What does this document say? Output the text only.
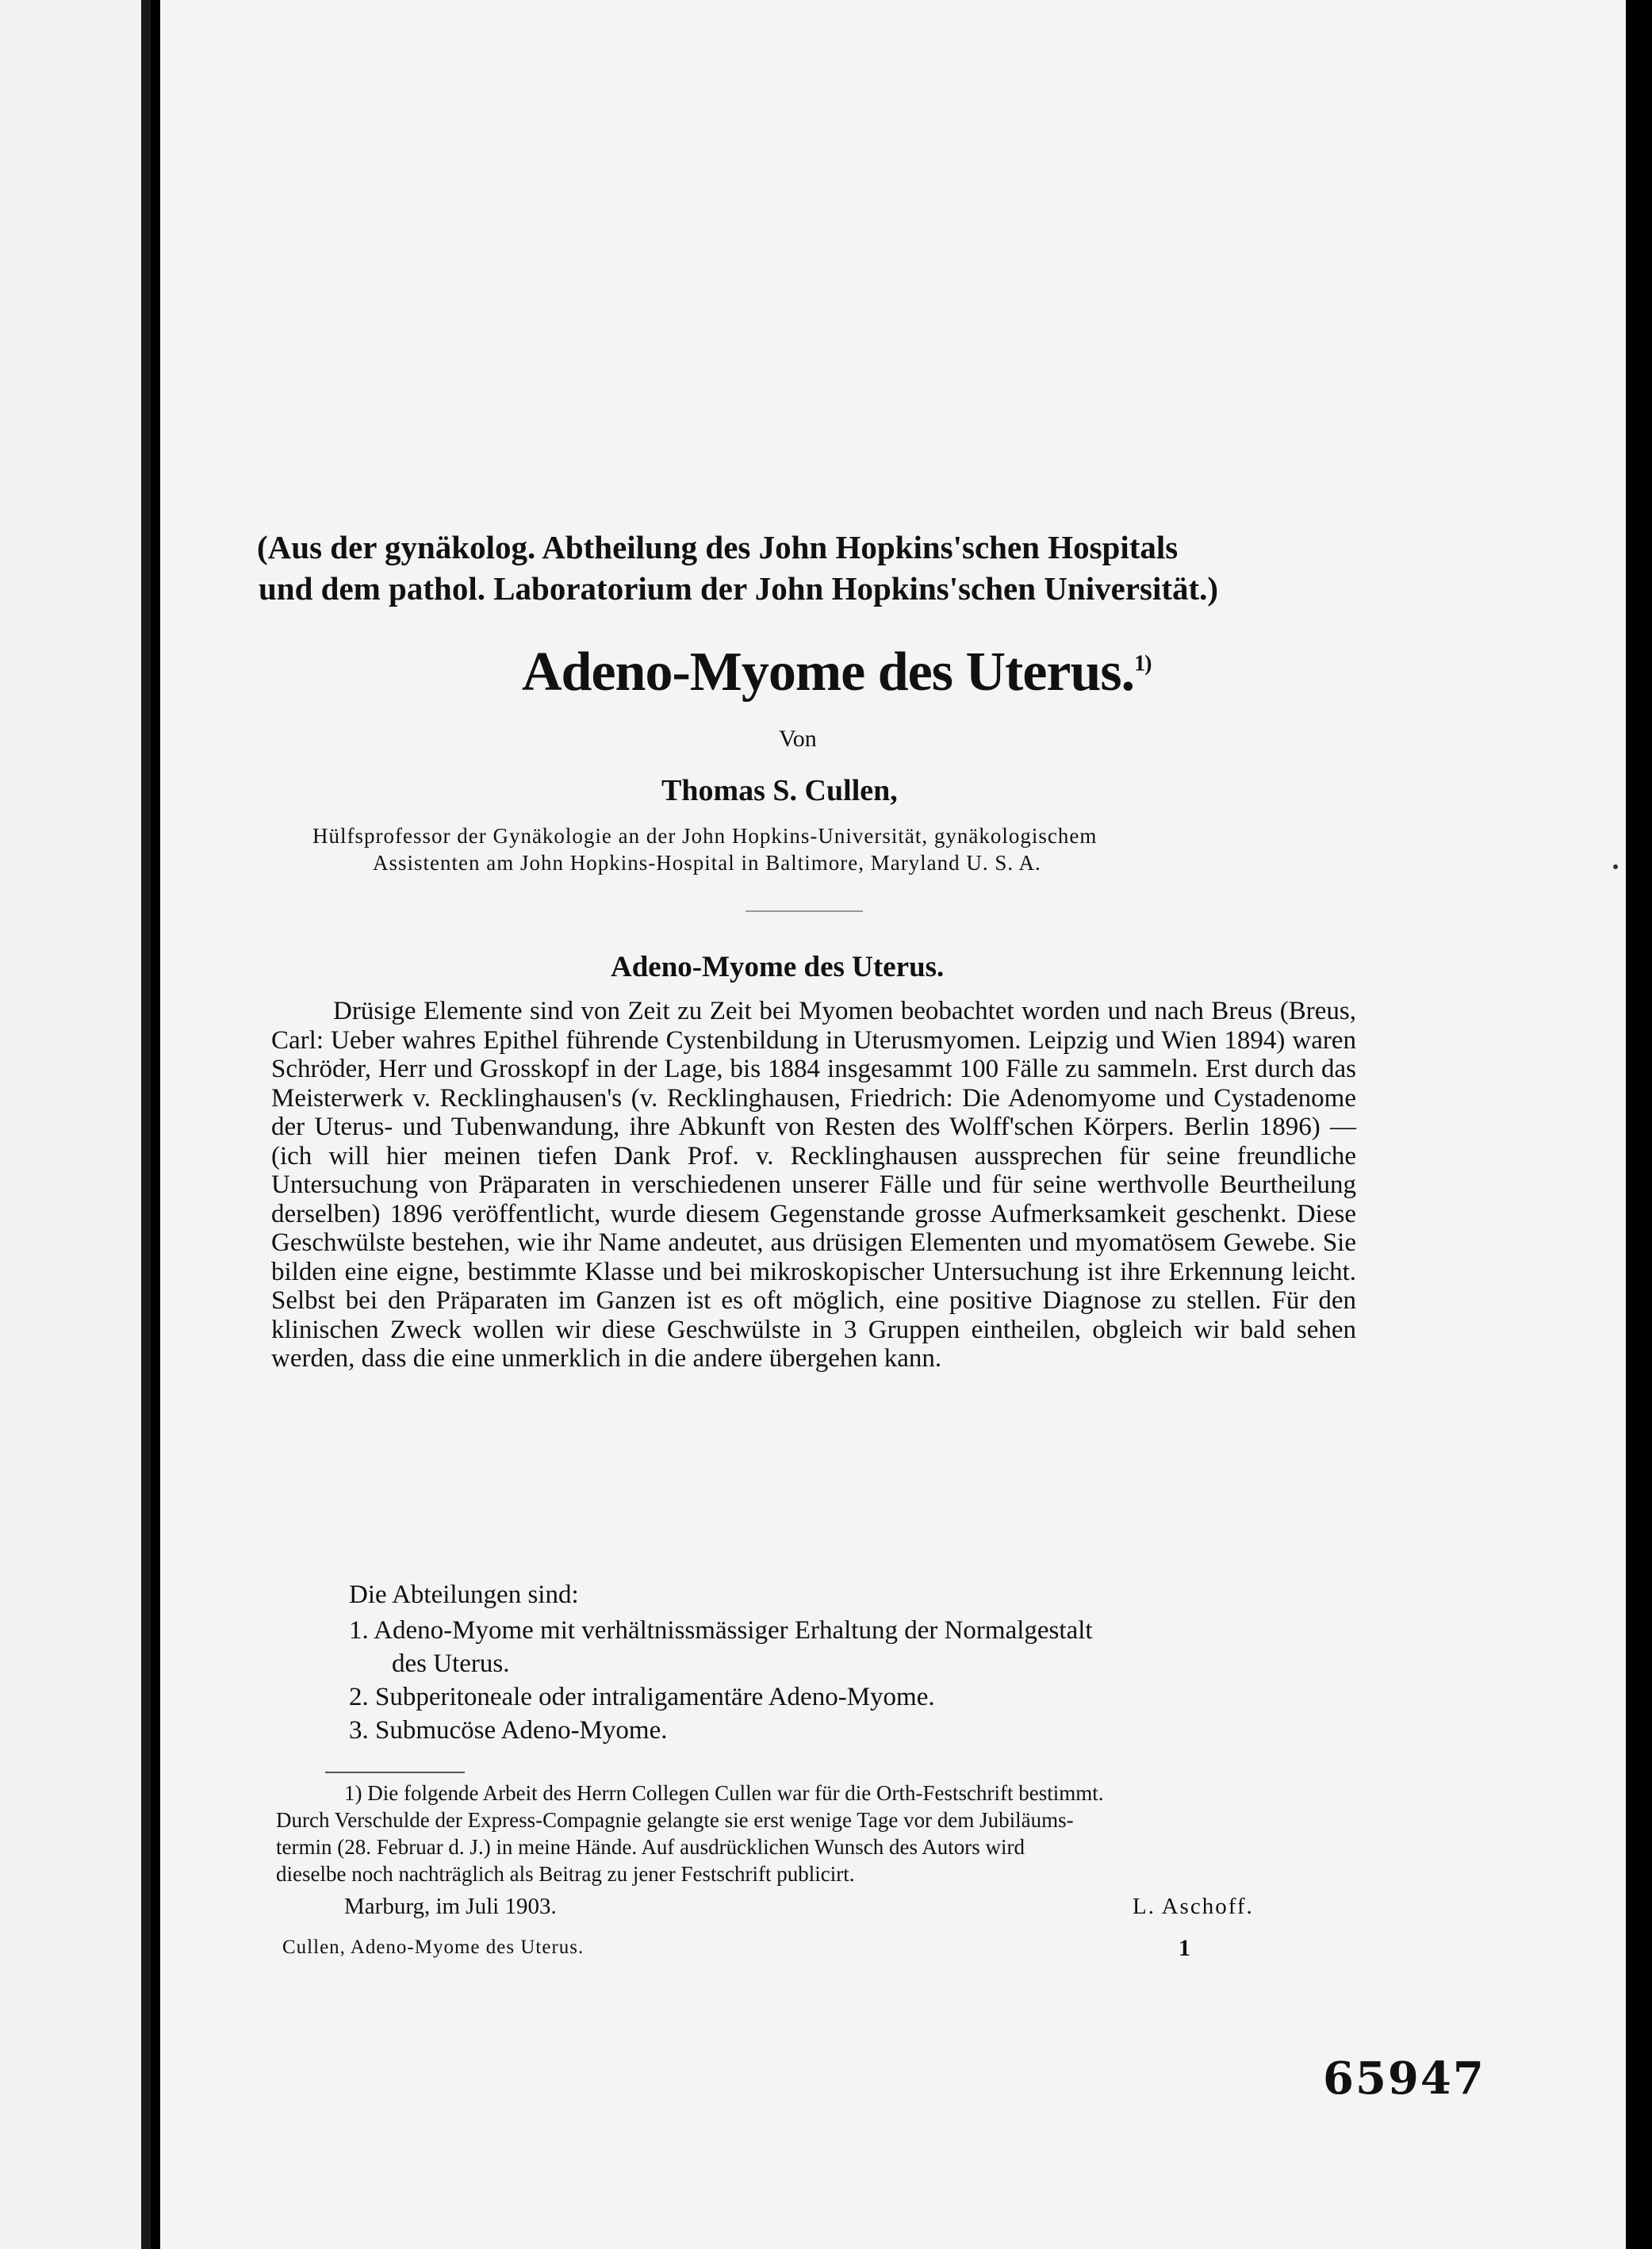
(Aus der gynäkolog. Abtheilung des John Hopkins'schen Hospitals
und dem pathol. Laboratorium der John Hopkins'schen Universität.)
Adeno-Myome des Uterus.$^{1)}$
Von
Thomas S. Cullen,
Hülfsprofessor der Gynäkologie an der John Hopkins-Universität, gynäkologischem
Assistenten am John Hopkins-Hospital in Baltimore, Maryland U. S. A.
Adeno-Myome des Uterus.

Drüsige Elemente sind von Zeit zu Zeit bei Myomen beobachtet worden und nach Breus (Breus, Carl: Ueber wahres Epithel führende Cystenbildung in Uterusmyomen. Leipzig und Wien 1894) waren Schröder, Herr und Grosskopf in der Lage, bis 1884 insgesammt 100 Fälle zu sammeln. Erst durch das Meisterwerk v. Recklinghausen's (v. Recklinghausen, Friedrich: Die Adenomyome und Cystadenome der Uterus- und Tubenwandung, ihre Abkunft von Resten des Wolff'schen Körpers. Berlin 1896) — (ich will hier meinen tiefen Dank Prof. v. Recklinghausen aussprechen für seine freundliche Untersuchung von Präparaten in verschiedenen unserer Fälle und für seine werthvolle Beurtheilung derselben) 1896 veröffentlicht, wurde diesem Gegenstande grosse Aufmerksamkeit geschenkt. Diese Geschwülste bestehen, wie ihr Name andeutet, aus drüsigen Elementen und myomatösem Gewebe. Sie bilden eine eigne, bestimmte Klasse und bei mikroskopischer Untersuchung ist ihre Erkennung leicht. Selbst bei den Präparaten im Ganzen ist es oft möglich, eine positive Diagnose zu stellen. Für den klinischen Zweck wollen wir diese Geschwülste in 3 Gruppen eintheilen, obgleich wir bald sehen werden, dass die eine unmerklich in die andere übergehen kann.

Die Abteilungen sind:
1. Adeno-Myome mit verhältnissmässiger Erhaltung der Normalgestalt
des Uterus.
2. Subperitoneale oder intraligamentäre Adeno-Myome.
3. Submucöse Adeno-Myome.
1) Die folgende Arbeit des Herrn Collegen Cullen war für die Orth-Festschrift bestimmt.
Durch Verschulde der Express-Compagnie gelangte sie erst wenige Tage vor dem Jubiläums-
termin (28. Februar d. J.) in meine Hände. Auf ausdrücklichen Wunsch des Autors wird
dieselbe noch nachträglich als Beitrag zu jener Festschrift publicirt.
Marburg, im Juli 1903.	L. Aschoff.
Cullen, Adeno-Myome des Uterus.	1
65947
